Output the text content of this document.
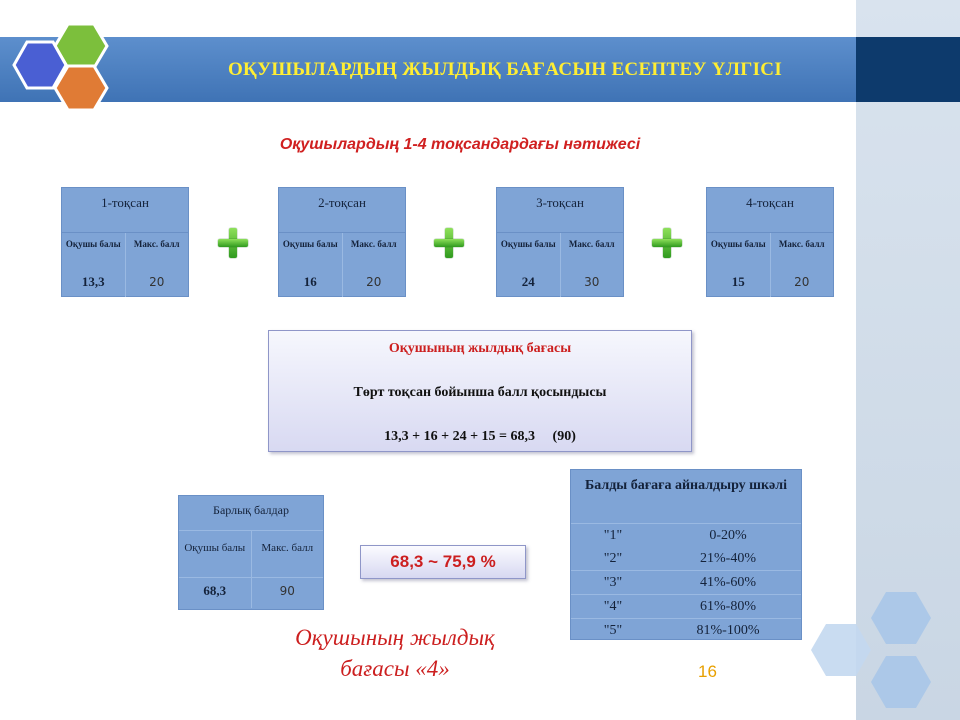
ОҚУШЫЛАРДЫҢ ЖЫЛДЫҚ БАҒАСЫН ЕСЕПТЕУ ҮЛГІСІ
Оқушылардың 1-4 тоқсандардағы нәтижесі
1-тоқсан
Оқушы балы	Макс. балл
13,3	20
2-тоқсан
Оқушы балы	Макс. балл
16	20
3-тоқсан
Оқушы балы	Макс. балл
24	30
4-тоқсан
Оқушы балы	Макс. балл
15	20
Оқушының жылдық бағасы
Төрт тоқсан бойынша балл қосындысы
13,3 + 16 + 24 + 15 = 68,3     (90)
Барлық балдар
Оқушы балы	Макс. балл
68,3	90
68,3 ~ 75,9 %
Балды бағаға айналдыру шкәлі
"1"	0-20%
"2"	21%-40%
"3"	41%-60%
"4"	61%-80%
"5"	81%-100%
Оқушының жылдық
бағасы «4»	16
